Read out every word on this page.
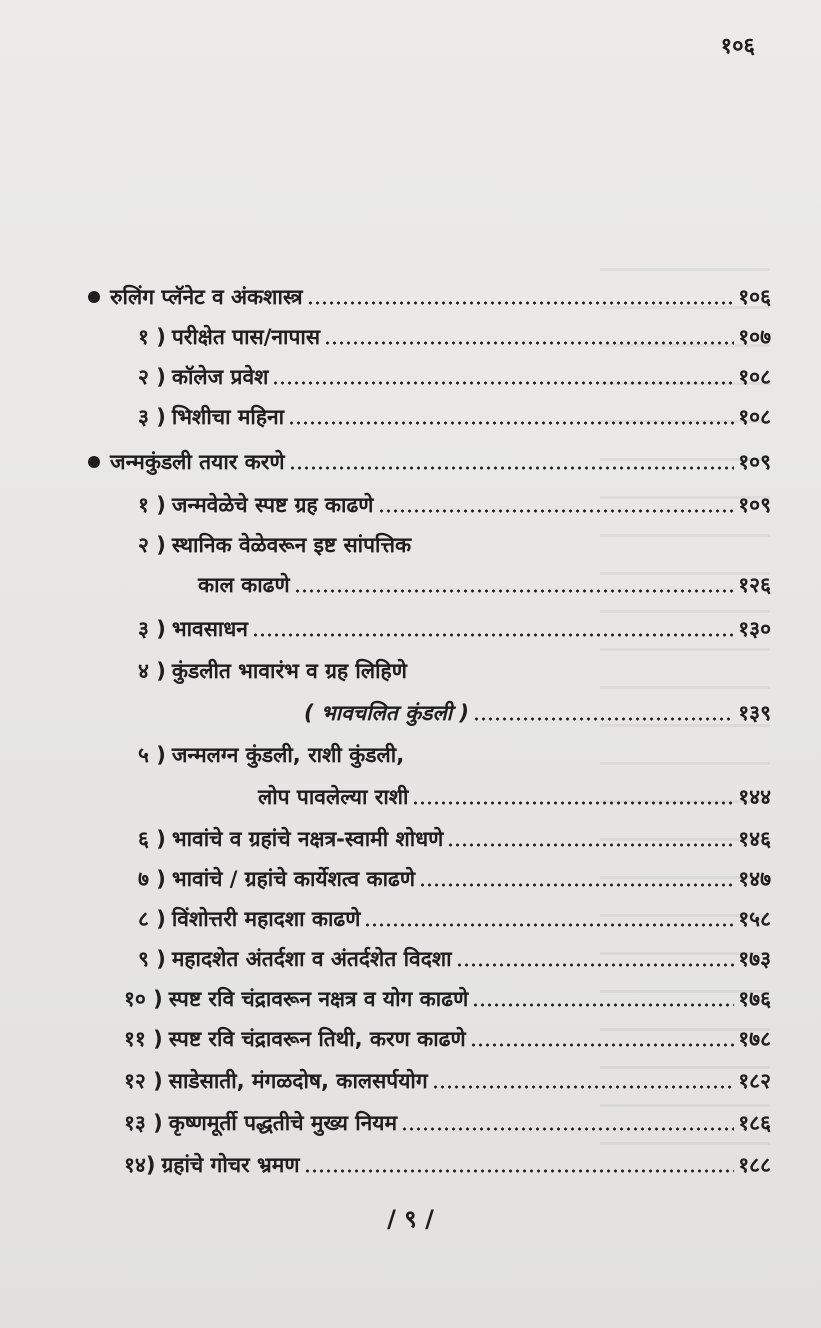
१०६
रुलिंग प्लॅनेट व अंकशास्त्र	१०६
१ ) परीक्षेत पास/नापास	१०७
२ ) कॉलेज प्रवेश	१०८
३ ) भिशीचा महिना	१०८
जन्मकुंडली तयार करणे	१०९
१ ) जन्मवेळेचे स्पष्ट ग्रह काढणे	१०९
२ ) स्थानिक वेळेवरून इष्ट सांपत्तिक
काल काढणे	१२६
३ ) भावसाधन	१३०
४ ) कुंडलीत भावारंभ व ग्रह लिहिणे
( भावचलित कुंडली )	१३९
५ ) जन्मलग्न कुंडली, राशी कुंडली,
लोप पावलेल्या राशी	१४४
६ ) भावांचे व ग्रहांचे नक्षत्र-स्वामी शोधणे	१४६
७ ) भावांचे / ग्रहांचे कार्येशत्व काढणे	१४७
८ ) विंशोत्तरी महादशा काढणे	१५८
९ ) महादशेत अंतर्दशा व अंतर्दशेत विदशा	१७३
१० ) स्पष्ट रवि चंद्रावरून नक्षत्र व योग काढणे	१७६
११ ) स्पष्ट रवि चंद्रावरून तिथी, करण काढणे	१७८
१२ ) साडेसाती, मंगळदोष, कालसर्पयोग	१८२
१३ ) कृष्णमूर्ती पद्धतीचे मुख्य नियम	१८६
१४) ग्रहांचे गोचर भ्रमण	१८८
/ ९ /
